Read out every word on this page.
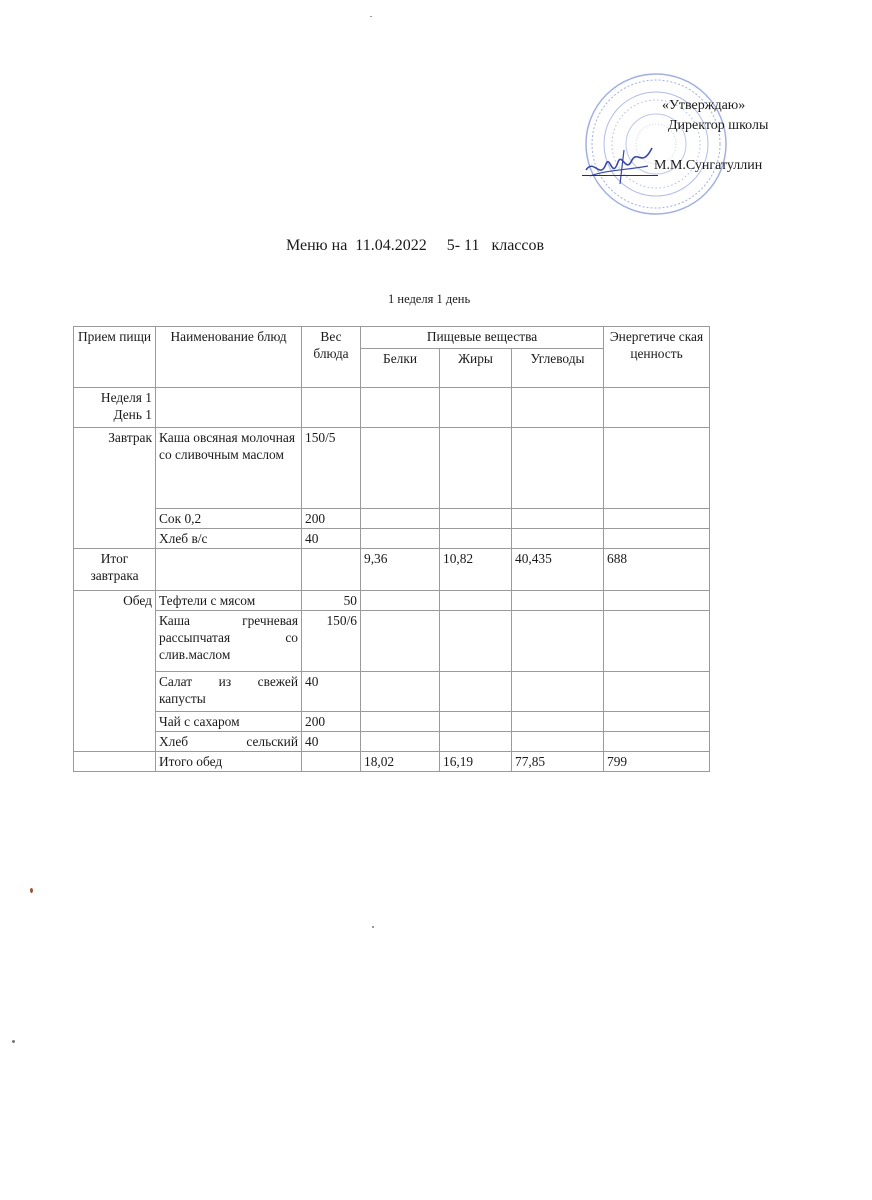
«Утверждаю»
Директор школы
М.М.Сунгатуллин
Меню на  11.04.2022     5- 11   классов
1 неделя 1 день
Прием пищи	Наименование блюд	Вес блюда	Пищевые вещества			Энергетиче ская ценность
			Белки	Жиры	Углеводы	
Неделя 1 День 1						
Завтрак	Каша овсяная молочная со сливочным маслом	150/5				
	Сок 0,2	200				
	Хлеб в/с	40				
Итог завтрака			9,36	10,82	40,435	688
Обед	Тефтели с мясом	50				
	Каша гречневая рассыпчатая со слив.маслом	150/6				
	Салат из свежей капусты	40				
	Чай с сахаром	200				
	Хлеб сельский	40				
	Итого обед		18,02	16,19	77,85	799
